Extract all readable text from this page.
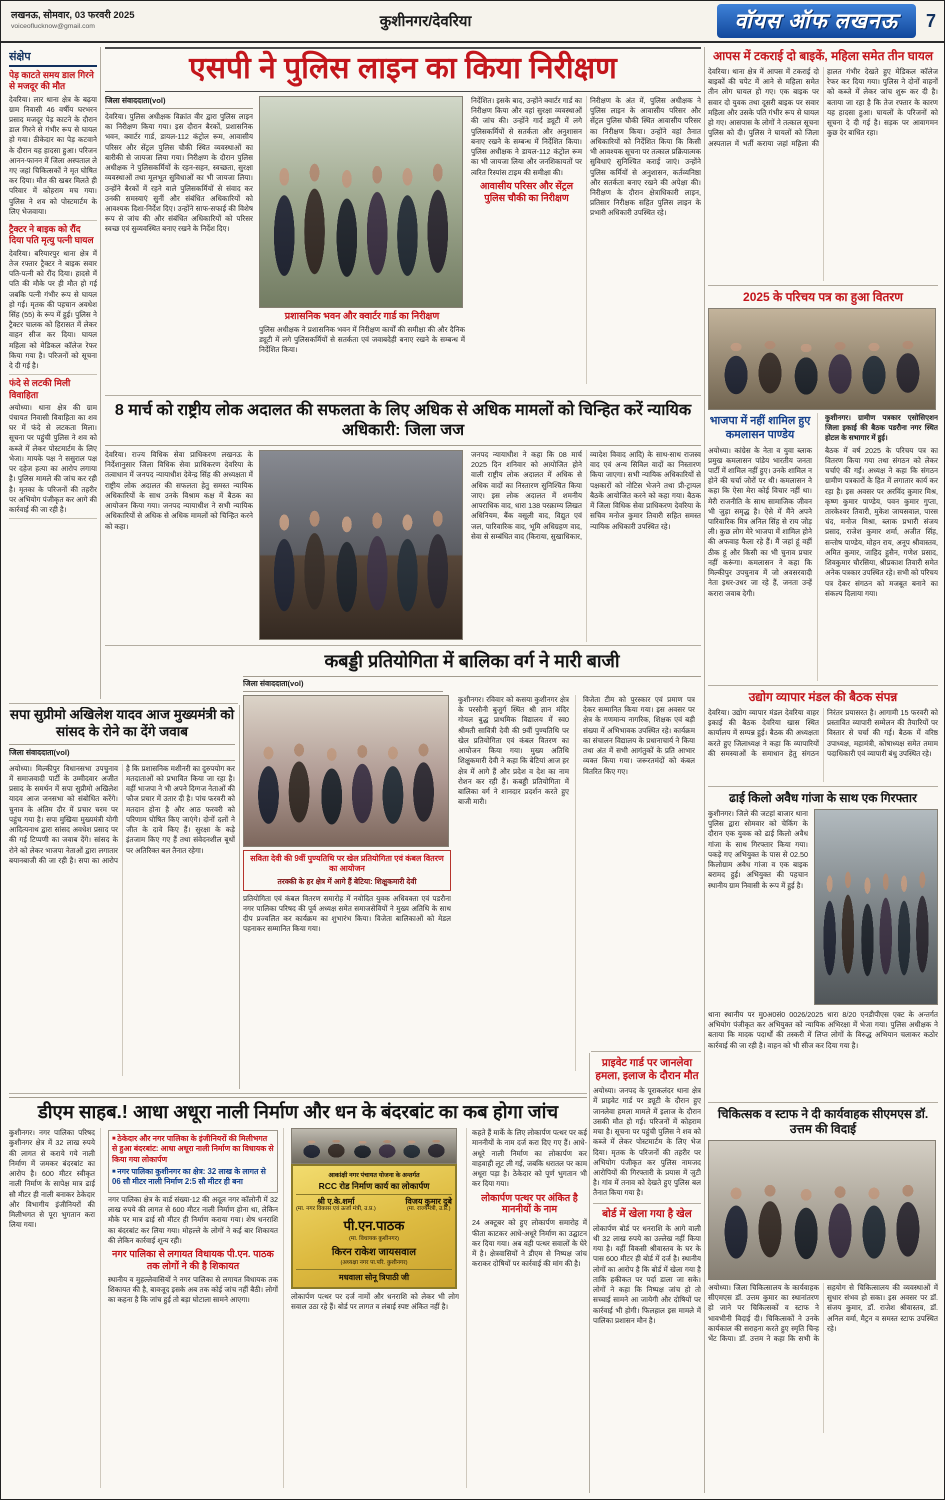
लखनऊ, सोमवार, 03 फरवरी 2025
voiceoflucknow@gmail.com	कुशीनगर/देवरिया	वॉयस ऑफ लखनऊ	7
संक्षेप
पेड़ काटते समय डाल गिरने से मजदूर की मौत

देवरिया। लार थाना क्षेत्र के बढ़या ग्राम निवासी 46 वर्षीय घरभरन प्रसाद मजदूर पेड़ काटने के दौरान डाल गिरने से गंभीर रूप से घायल हो गया। ठीकेदार का पेड़ कटवाने के दौरान यह हादसा हुआ। परिजन आनन-फानन में जिला अस्पताल ले गए जहां चिकित्सकों ने मृत घोषित कर दिया। मौत की खबर मिलते ही परिवार में कोहराम मच गया। पुलिस ने शव को पोस्टमार्टम के लिए भेजवाया।

ट्रैक्टर ने बाइक को रौंद दिया पति मृत्यु पत्नी घायल

देवरिया। बरियारपुर थाना क्षेत्र में तेज रफ्तार ट्रैक्टर ने बाइक सवार पति-पत्नी को रौंद दिया। हादसे में पति की मौके पर ही मौत हो गई जबकि पत्नी गंभीर रूप से घायल हो गई। मृतक की पहचान अवधेश सिंह (55) के रूप में हुई। पुलिस ने ट्रैक्टर चालक को हिरासत में लेकर वाहन सीज कर दिया। घायल महिला को मेडिकल कॉलेज रेफर किया गया है। परिजनों को सूचना दे दी गई है।

फंदे से लटकी मिली विवाहिता

अयोध्या। थाना क्षेत्र की ग्राम पंचायत निवासी विवाहिता का शव घर में फंदे से लटकता मिला। सूचना पर पहुंची पुलिस ने शव को कब्जे में लेकर पोस्टमार्टम के लिए भेजा। मायके पक्ष ने ससुराल पक्ष पर दहेज हत्या का आरोप लगाया है। पुलिस मामले की जांच कर रही है। मृतका के परिजनों की तहरीर पर अभियोग पंजीकृत कर आगे की कार्रवाई की जा रही है।

एसपी ने पुलिस लाइन का किया निरीक्षण
जिला संवाददाता(vol)

देवरिया। पुलिस अधीक्षक विक्रांत वीर द्वारा पुलिस लाइन का निरीक्षण किया गया। इस दौरान बैरकों, प्रशासनिक भवन, क्वार्टर गार्ड, डायल-112 कंट्रोल रूम, आवासीय परिसर और सेंट्रल पुलिस चौकी स्थित व्यवस्थाओं का बारीकी से जायजा लिया गया। निरीक्षण के दौरान पुलिस अधीक्षक ने पुलिसकर्मियों के रहन-सहन, स्वच्छता, सुरक्षा व्यवस्थाओं तथा मूलभूत सुविधाओं का भी जायजा लिया। उन्होंने बैरकों में रहने वाले पुलिसकर्मियों से संवाद कर उनकी समस्याएं सुनीं और संबंधित अधिकारियों को आवश्यक दिशा-निर्देश दिए। उन्होंने साफ-सफाई की विशेष रूप से जांच की और संबंधित अधिकारियों को परिसर स्वच्छ एवं सुव्यवस्थित बनाए रखने के निर्देश दिए।

प्रशासनिक भवन और क्वार्टर गार्ड का निरीक्षण

पुलिस अधीक्षक ने प्रशासनिक भवन में निरीक्षण कार्यों की समीक्षा की और दैनिक ड्यूटी में लगे पुलिसकर्मियों से सतर्कता एवं जवाबदेही बनाए रखने के सम्बन्ध में निर्देशित किया।

निर्देशित। इसके बाद, उन्होंने क्वार्टर गार्ड का निरीक्षण किया और वहां सुरक्षा व्यवस्थाओं की जांच की। उन्होंने गार्द ड्यूटी में लगे पुलिसकर्मियों से सतर्कता और अनुशासन बनाए रखने के सम्बन्ध में निर्देशित किया। पुलिस अधीक्षक ने डायल-112 कंट्रोल रूम का भी जायजा लिया और जनशिकायतों पर त्वरित रिस्पांस टाइम की समीक्षा की।

आवासीय परिसर और सेंट्रल पुलिस चौकी का निरीक्षण

निरीक्षण के अंत में, पुलिस अधीक्षक ने पुलिस लाइन के आवासीय परिसर और सेंट्रल पुलिस चौकी स्थित आवासीय परिसर का निरीक्षण किया। उन्होंने वहां तैनात अधिकारियों को निर्देशित किया कि किसी भी आवश्यक सूचना पर तत्काल प्रक्रियात्मक सुविधाएं सुनिश्चित कराई जाएं। उन्होंने पुलिस कर्मियों से अनुशासन, कर्तव्यनिष्ठा और सतर्कता बनाए रखने की अपेक्षा की। निरीक्षण के दौरान क्षेत्राधिकारी लाइन, प्रतिसार निरीक्षक सहित पुलिस लाइन के प्रभारी अधिकारी उपस्थित रहे।

8 मार्च को राष्ट्रीय लोक अदालत की सफलता के लिए अधिक से अधिक मामलों को चिन्हित करें न्यायिक अधिकारी: जिला जज

देवरिया। राज्य विधिक सेवा प्राधिकरण लखनऊ के निर्देशानुसार जिला विधिक सेवा प्राधिकरण देवरिया के तत्वाधान में जनपद न्यायाधीश देवेन्द्र सिंह की अध्यक्षता में राष्ट्रीय लोक अदालत की सफलता हेतु समस्त न्यायिक अधिकारियों के साथ उनके विश्राम कक्ष में बैठक का आयोजन किया गया। जनपद न्यायाधीश ने सभी न्यायिक अधिकारियों से अधिक से अधिक मामलों को चिन्हित करने को कहा।

जनपद न्यायाधीश ने कहा कि 08 मार्च 2025 दिन शनिवार को आयोजित होने वाली राष्ट्रीय लोक अदालत में अधिक से अधिक वादों का निस्तारण सुनिश्चित किया जाए। इस लोक अदालत में शमनीय आपराधिक वाद, धारा 138 परक्राम्य लिखत अधिनियम, बैंक वसूली वाद, विद्युत एवं जल, पारिवारिक वाद, भूमि अधिग्रहण वाद, सेवा से सम्बंधित वाद (किराया, सुखाधिकार, व्यादेश विवाद आदि) के साथ-साथ राजस्व वाद एवं अन्य सिविल वादों का निस्तारण किया जाएगा। सभी न्यायिक अधिकारियों से पक्षकारों को नोटिस भेजने तथा प्री-ट्रायल बैठकें आयोजित करने को कहा गया। बैठक में जिला विधिक सेवा प्राधिकरण देवरिया के सचिव मनोज कुमार तिवारी सहित समस्त न्यायिक अधिकारी उपस्थित रहे।

सपा सुप्रीमो अखिलेश यादव आज मुख्यमंत्री को सांसद के रोने का देंगे जवाब
जिला संवाददाता(vol)

अयोध्या। मिल्कीपुर विधानसभा उपचुनाव में समाजवादी पार्टी के उम्मीदवार अजीत प्रसाद के समर्थन में सपा सुप्रीमो अखिलेश यादव आज जनसभा को संबोधित करेंगे। चुनाव के अंतिम दौर में प्रचार चरम पर पहुंच गया है। सपा मुखिया मुख्यमंत्री योगी आदित्यनाथ द्वारा सांसद अवधेश प्रसाद पर की गई टिप्पणी का जवाब देंगे। सांसद के रोने को लेकर भाजपा नेताओं द्वारा लगातार बयानबाजी की जा रही है। सपा का आरोप है कि प्रशासनिक मशीनरी का दुरुपयोग कर मतदाताओं को प्रभावित किया जा रहा है। वहीं भाजपा ने भी अपने दिग्गज नेताओं की फौज प्रचार में उतार दी है। पांच फरवरी को मतदान होना है और आठ फरवरी को परिणाम घोषित किए जाएंगे। दोनों दलों ने जीत के दावे किए हैं। सुरक्षा के कड़े इंतजाम किए गए हैं तथा संवेदनशील बूथों पर अतिरिक्त बल तैनात रहेगा।

कबड्डी प्रतियोगिता में बालिका वर्ग ने मारी बाजी
जिला संवाददाता(vol)
सविता देवी की 9वीं पुण्यतिथि पर खेल प्रतियोगिता एवं कंबल वितरण का आयोजन
तरक्की के हर क्षेत्र में आगे हैं बेटिया: शिक्षुकमारी देवी

प्रतियोगिता एवं कंबल वितरण समारोह में नवोदित युवक अधिवक्ता एवं पडरौना नगर पालिका परिषद की पूर्व अध्यक्ष समेत समाजसेवियों ने मुख्य अतिथि के साथ दीप प्रज्वलित कर कार्यक्रम का शुभारंभ किया। विजेता बालिकाओं को मेडल पहनाकर सम्मानित किया गया।

कुशीनगर। रविवार को कसया कुशीनगर क्षेत्र के परसौनी बुजुर्ग स्थित श्री ज्ञान मंदिर गोयल बुद्ध प्राथमिक विद्यालय में स्व0 श्रीमती सावित्री देवी की 9वीं पुण्यतिथि पर खेल प्रतियोगिता एवं कंबल वितरण का आयोजन किया गया। मुख्य अतिथि शिक्षुकमारी देवी ने कहा कि बेटियां आज हर क्षेत्र में आगे हैं और प्रदेश व देश का नाम रोशन कर रही हैं। कबड्डी प्रतियोगिता में बालिका वर्ग ने शानदार प्रदर्शन करते हुए बाजी मारी।

विजेता टीम को पुरस्कार एवं प्रमाण पत्र देकर सम्मानित किया गया। इस अवसर पर क्षेत्र के गणमान्य नागरिक, शिक्षक एवं बड़ी संख्या में अभिभावक उपस्थित रहे। कार्यक्रम का संचालन विद्यालय के प्रधानाचार्य ने किया तथा अंत में सभी आगंतुकों के प्रति आभार व्यक्त किया गया। जरूरतमंदों को कंबल वितरित किए गए।

डीएम साहब.! आधा अधूरा नाली निर्माण और धन के बंदरबांट का कब होगा जांच

कुशीनगर। नगर पालिका परिषद कुशीनगर क्षेत्र में 32 लाख रुपये की लागत से कराये गये नाली निर्माण में जमकर बंदरबांट का आरोप है। 600 मीटर स्वीकृत नाली निर्माण के सापेक्ष मात्र ढाई सौ मीटर ही नाली बनाकर ठेकेदार और विभागीय इंजीनियरों की मिलीभगत से पूरा भुगतान करा लिया गया।

■ ठेकेदार और नगर पालिका के इंजीनियरों की मिलीभगत से हुआ बंदरबांट: आधा अधूरा नाली निर्माण का विधायक से किया गया लोकार्पण
■ नगर पालिका कुशीनगर का क्षेत्र: 32 लाख के लागत से 06 सौ मीटर नाली निर्माण 2:5 सौ मीटर ही बना

नगर पालिका क्षेत्र के वार्ड संख्या-12 की अदूल नगर कॉलोनी में 32 लाख रुपये की लागत से 600 मीटर नाली निर्माण होना था, लेकिन मौके पर मात्र ढाई सौ मीटर ही निर्माण कराया गया। शेष धनराशि का बंदरबांट कर लिया गया। मोहल्ले के लोगों ने कई बार शिकायत की लेकिन कार्रवाई शून्य रही।

नगर पालिका से लगायत विधायक पी.एन. पाठक तक लोगों ने की है शिकायत

स्थानीय व मुहल्लेवासियों ने नगर पालिका से लगायत विधायक तक शिकायत की है, बावजूद इसके अब तक कोई जांच नहीं बैठी। लोगों का कहना है कि जांच हुई तो बड़ा घोटाला सामने आएगा।

आकांक्षी नगर पंचायत योजना के अन्तर्गत
RCC रोड निर्माण कार्य का लोकार्पण
श्री ए.के.शर्मा
(मा. नगर विकास एवं ऊर्जा मंत्री, उ.प्र.)
विजय कुमार दुबे
(मा. राज्यमंत्री, उ.प्र.)
पी.एन.पाठक
(मा. विधायक कुशीनगर)
किरन राकेश जायसवाल
(अध्यक्षा नगर पा.परि. कुशीनगर)
मधवाला सोनू त्रिपाठी जी

लोकार्पण पत्थर पर दर्ज नामों और धनराशि को लेकर भी लोग सवाल उठा रहे हैं। बोर्ड पर लागत व लंबाई स्पष्ट अंकित नहीं है।

कहते हैं मार्के के लिए लोकार्पण पत्थर पर कई माननीयों के नाम दर्ज करा दिए गए हैं। आधे-अधूरे नाली निर्माण का लोकार्पण कर वाहवाही लूट ली गई, जबकि धरातल पर काम अधूरा पड़ा है। ठेकेदार को पूर्ण भुगतान भी कर दिया गया।

लोकार्पण पत्थर पर अंकित है माननीयों के नाम

24 अक्टूबर को हुए लोकार्पण समारोह में फीता काटकर आधे-अधूरे निर्माण का उद्घाटन कर दिया गया। अब वही पत्थर सवालों के घेरे में है। क्षेत्रवासियों ने डीएम से निष्पक्ष जांच कराकर दोषियों पर कार्रवाई की मांग की है।

प्राइवेट गार्ड पर जानलेवा हमला, इलाज के दौरान मौत

अयोध्या। जनपद के पूराकलंदर थाना क्षेत्र में प्राइवेट गार्ड पर ड्यूटी के दौरान हुए जानलेवा हमला मामले में इलाज के दौरान उसकी मौत हो गई। परिजनों में कोहराम मचा है। सूचना पर पहुंची पुलिस ने शव को कब्जे में लेकर पोस्टमार्टम के लिए भेज दिया। मृतक के परिजनों की तहरीर पर अभियोग पंजीकृत कर पुलिस नामजद आरोपियों की गिरफ्तारी के प्रयास में जुटी है। गांव में तनाव को देखते हुए पुलिस बल तैनात किया गया है।

बोर्ड में खेला गया है खेल

लोकार्पण बोर्ड पर धनराशि के आगे वाली थी 32 लाख रुपये का उल्लेख नहीं किया गया है। वहीं विकसी श्रीवास्तव के घर के पास 600 मीटर ही बोर्ड में दर्ज है। स्थानीय लोगों का आरोप है कि बोर्ड में खेला गया है ताकि हकीकत पर पर्दा डाला जा सके। लोगों ने कहा कि निष्पक्ष जांच हो तो सच्चाई सामने आ जायेगी और दोषियों पर कार्रवाई भी होगी। फिलहाल इस मामले में पालिका प्रशासन मौन है।

आपस में टकराई दो बाइकें, महिला समेत तीन घायल

देवरिया। थाना क्षेत्र में आपस में टकराई दो बाइकों की चपेट में आने से महिला समेत तीन लोग घायल हो गए। एक बाइक पर सवार दो युवक तथा दूसरी बाइक पर सवार महिला और उसके पति गंभीर रूप से घायल हो गए। आसपास के लोगों ने तत्काल सूचना पुलिस को दी। पुलिस ने घायलों को जिला अस्पताल में भर्ती कराया जहां महिला की हालत गंभीर देखते हुए मेडिकल कॉलेज रेफर कर दिया गया। पुलिस ने दोनों वाहनों को कब्जे में लेकर जांच शुरू कर दी है। बताया जा रहा है कि तेज रफ्तार के कारण यह हादसा हुआ। घायलों के परिजनों को सूचना दे दी गई है। सड़क पर आवागमन कुछ देर बाधित रहा।

2025 के परिचय पत्र का हुआ वितरण
भाजपा में नहीं शामिल हुए कमलासन पाण्डेय

अयोध्या। कांग्रेस के नेता व युवा ब्लाक प्रमुख कमलासन पांडेय भारतीय जनता पार्टी में शामिल नहीं हुए। उनके शामिल न होने की चर्चा जोरों पर थी। कमलासन ने कहा कि ऐसा मेरा कोई विचार नहीं था। मेरी राजनीति के साथ सामाजिक जीवन भी जुड़ा समृद्ध है। ऐसे में मैंने अपने पारिवारिक मित्र अनिल सिंह से राय जोड़ ली। कुछ लोग मेरे भाजपा में शामिल होने की अफवाह फैला रहे हैं। मैं जहां हूं वहीं ठीक हूं और किसी का भी चुनाव प्रचार नहीं करूंगा। कमलासन ने कहा कि मिल्कीपुर उपचुनाव में जो अवसरवादी नेता इधर-उधर जा रहे हैं, जनता उन्हें करारा जवाब देगी।

कुशीनगर। ग्रामीण पत्रकार एसोसिएशन जिला इकाई की बैठक पडरौना नगर स्थित होटल के सभागार में हुई।

बैठक में वर्ष 2025 के परिचय पत्र का वितरण किया गया तथा संगठन को लेकर चर्चाएं की गईं। अध्यक्ष ने कहा कि संगठन ग्रामीण पत्रकारों के हित में लगातार कार्य कर रहा है। इस अवसर पर अरविंद कुमार मिश्र, कृष्ण कुमार पाण्डेय, पवन कुमार गुप्ता, तारकेश्वर तिवारी, मुकेश जायसवाल, पारस चंद, मनोज मिश्रा, ब्लाक प्रभारी संजय प्रसाद, राजेश कुमार शर्मा, अजीत सिंह, सन्तोष पाण्डेय, मोहन राय, अनूप श्रीवास्तव, अमित कुमार, जाहिद हुसैन, गणेश प्रसाद, शिवकुमार चौरसिया, श्रीप्रकाश तिवारी समेत अनेक पत्रकार उपस्थित रहे। सभी को परिचय पत्र देकर संगठन को मजबूत बनाने का संकल्प दिलाया गया।

उद्योग व्यापार मंडल की बैठक संपन्न

देवरिया। उद्योग व्यापार मंडल देवरिया वाहर इकाई की बैठक देवरिया खास स्थित कार्यालय में सम्पन्न हुई। बैठक की अध्यक्षता करते हुए जिलाध्यक्ष ने कहा कि व्यापारियों की समस्याओं के समाधान हेतु संगठन निरंतर प्रयासरत है। आगामी 15 फरवरी को प्रस्तावित व्यापारी सम्मेलन की तैयारियों पर विस्तार से चर्चा की गई। बैठक में वरिष्ठ उपाध्यक्ष, महामंत्री, कोषाध्यक्ष समेत तमाम पदाधिकारी एवं व्यापारी बंधु उपस्थित रहे।

ढाई किलो अवैध गांजा के साथ एक गिरफ्तार

कुशीनगर। जिले की जटहां बाजार थाना पुलिस द्वारा सोमवार को चेकिंग के दौरान एक युवक को ढाई किलो अवैध गांजा के साथ गिरफ्तार किया गया। पकड़े गए अभियुक्त के पास से 02.50 किलोग्राम अवैध गांजा व एक बाइक बरामद हुई। अभियुक्त की पहचान स्थानीय ग्राम निवासी के रूप में हुई है।

थाना स्थानीय पर मु0अ0सं0 0026/2025 धारा 8/20 एनडीपीएस एक्ट के अन्तर्गत अभियोग पंजीकृत कर अभियुक्त को न्यायिक अभिरक्षा में भेजा गया। पुलिस अधीक्षक ने बताया कि मादक पदार्थों की तस्करी में लिप्त लोगों के विरुद्ध अभियान चलाकर कठोर कार्रवाई की जा रही है। वाहन को भी सीज कर दिया गया है।

चिकित्सक व स्टाफ ने दी कार्यवाहक सीएमएस डॉ. उत्तम की विदाई

अयोध्या। जिला चिकित्सालय के कार्यवाहक सीएमएस डॉ. उत्तम कुमार का स्थानांतरण हो जाने पर चिकित्सकों व स्टाफ ने भावभीनी विदाई दी। चिकित्सकों ने उनके कार्यकाल की सराहना करते हुए स्मृति चिन्ह भेंट किया। डॉ. उत्तम ने कहा कि सभी के सहयोग से चिकित्सालय की व्यवस्थाओं में सुधार संभव हो सका। इस अवसर पर डॉ. संजय कुमार, डॉ. राजेश श्रीवास्तव, डॉ. अनिल वर्मा, मैट्रन व समस्त स्टाफ उपस्थित रहे।
